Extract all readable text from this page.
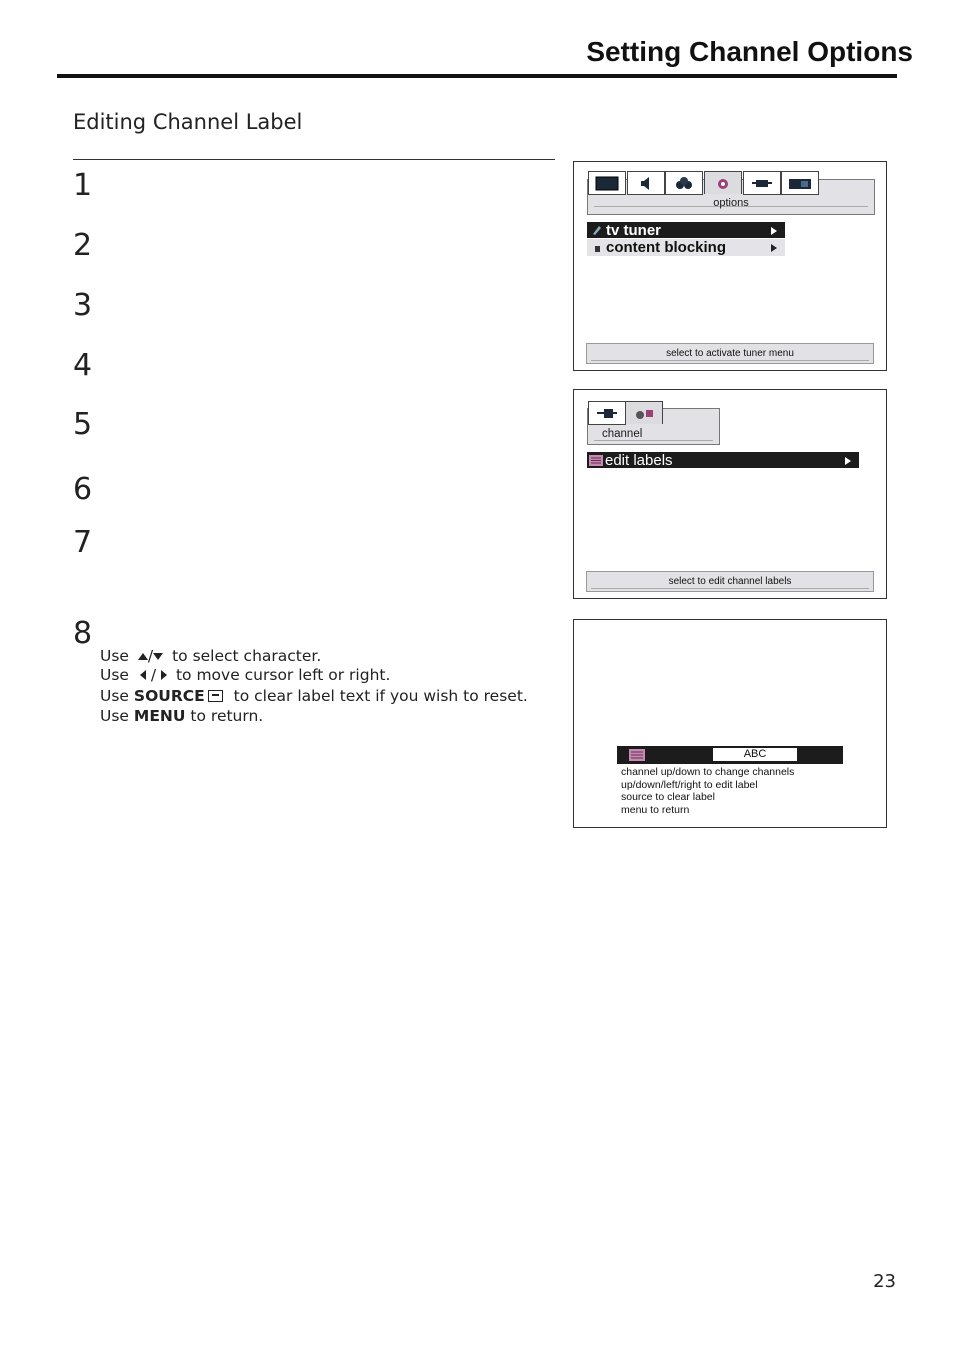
Setting Channel Options
Editing Channel Label
1
2
3
4
5
6
7
8
Use / to select character.
Use / to move cursor left or right.
Use SOURCE to clear label text if you wish to reset.
Use MENU to return.
options
tv tuner
content blocking
select to activate tuner menu
channel
edit labels
select to edit channel labels
ABC
channel up/down to change channels
up/down/left/right to edit label
source to clear label
menu to return
23
